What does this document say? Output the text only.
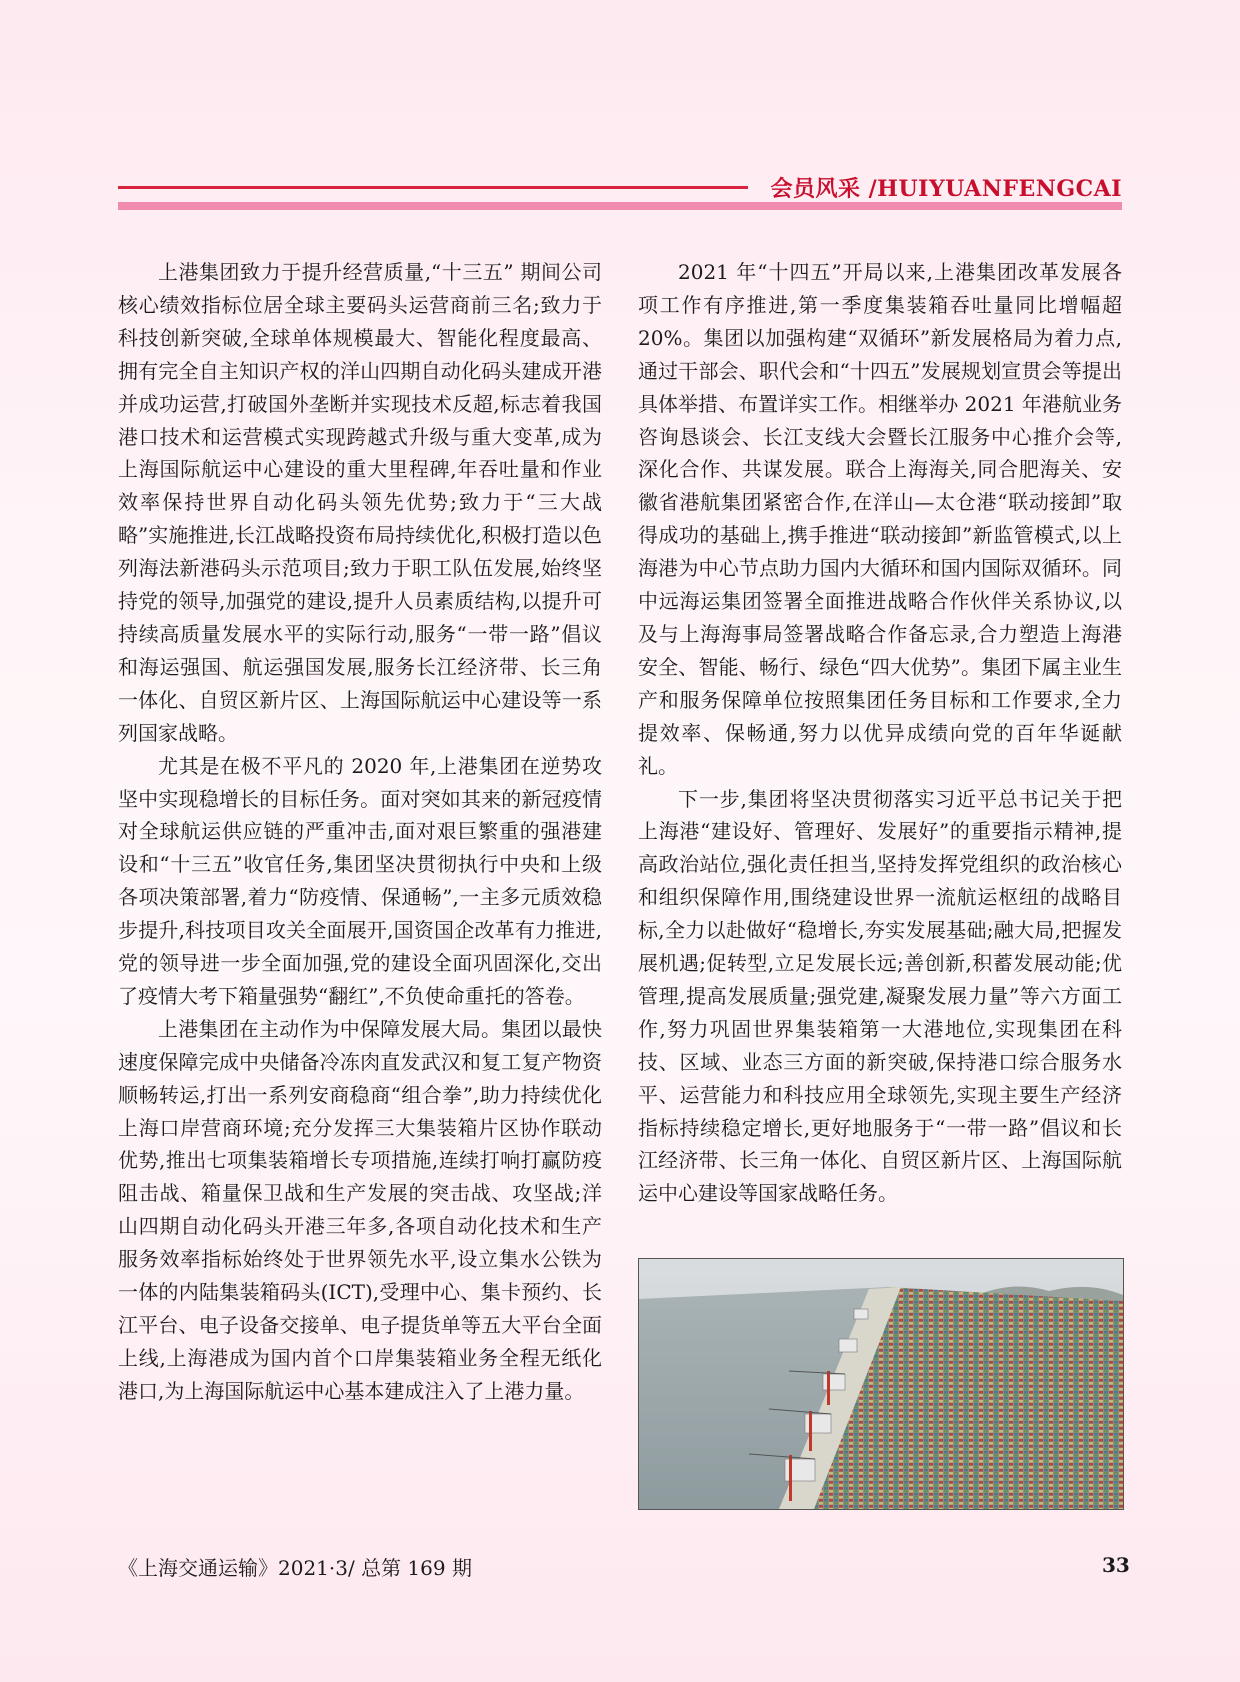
会员风采 /HUIYUANFENGCAI

上港集团致力于提升经营质量,“十三五” 期间公司核心绩效指标位居全球主要码头运营商前三名;致力于科技创新突破,全球单体规模最大、智能化程度最高、拥有完全自主知识产权的洋山四期自动化码头建成开港并成功运营,打破国外垄断并实现技术反超,标志着我国港口技术和运营模式实现跨越式升级与重大变革,成为上海国际航运中心建设的重大里程碑,年吞吐量和作业效率保持世界自动化码头领先优势;致力于“三大战略”实施推进,长江战略投资布局持续优化,积极打造以色列海法新港码头示范项目;致力于职工队伍发展,始终坚持党的领导,加强党的建设,提升人员素质结构,以提升可持续高质量发展水平的实际行动,服务“一带一路”倡议和海运强国、航运强国发展,服务长江经济带、长三角一体化、自贸区新片区、上海国际航运中心建设等一系列国家战略。

尤其是在极不平凡的 2020 年,上港集团在逆势攻坚中实现稳增长的目标任务。面对突如其来的新冠疫情对全球航运供应链的严重冲击,面对艰巨繁重的强港建设和“十三五”收官任务,集团坚决贯彻执行中央和上级各项决策部署,着力“防疫情、保通畅”,一主多元质效稳步提升,科技项目攻关全面展开,国资国企改革有力推进,党的领导进一步全面加强,党的建设全面巩固深化,交出了疫情大考下箱量强势“翻红”,不负使命重托的答卷。

上港集团在主动作为中保障发展大局。集团以最快速度保障完成中央储备冷冻肉直发武汉和复工复产物资顺畅转运,打出一系列安商稳商“组合拳”,助力持续优化上海口岸营商环境;充分发挥三大集装箱片区协作联动优势,推出七项集装箱增长专项措施,连续打响打赢防疫阻击战、箱量保卫战和生产发展的突击战、攻坚战;洋山四期自动化码头开港三年多,各项自动化技术和生产服务效率指标始终处于世界领先水平,设立集水公铁为一体的内陆集装箱码头(ICT),受理中心、集卡预约、长江平台、电子设备交接单、电子提货单等五大平台全面上线,上海港成为国内首个口岸集装箱业务全程无纸化港口,为上海国际航运中心基本建成注入了上港力量。

2021 年“十四五”开局以来,上港集团改革发展各项工作有序推进,第一季度集装箱吞吐量同比增幅超 20%。集团以加强构建“双循环”新发展格局为着力点,通过干部会、职代会和“十四五”发展规划宣贯会等提出具体举措、布置详实工作。相继举办 2021 年港航业务咨询恳谈会、长江支线大会暨长江服务中心推介会等,深化合作、共谋发展。联合上海海关,同合肥海关、安徽省港航集团紧密合作,在洋山—太仓港“联动接卸”取得成功的基础上,携手推进“联动接卸”新监管模式,以上海港为中心节点助力国内大循环和国内国际双循环。同中远海运集团签署全面推进战略合作伙伴关系协议,以及与上海海事局签署战略合作备忘录,合力塑造上海港安全、智能、畅行、绿色“四大优势”。集团下属主业生产和服务保障单位按照集团任务目标和工作要求,全力提效率、保畅通,努力以优异成绩向党的百年华诞献礼。

下一步,集团将坚决贯彻落实习近平总书记关于把上海港“建设好、管理好、发展好”的重要指示精神,提高政治站位,强化责任担当,坚持发挥党组织的政治核心和组织保障作用,围绕建设世界一流航运枢纽的战略目标,全力以赴做好“稳增长,夯实发展基础;融大局,把握发展机遇;促转型,立足发展长远;善创新,积蓄发展动能;优管理,提高发展质量;强党建,凝聚发展力量”等六方面工作,努力巩固世界集装箱第一大港地位,实现集团在科技、区域、业态三方面的新突破,保持港口综合服务水平、运营能力和科技应用全球领先,实现主要生产经济指标持续稳定增长,更好地服务于“一带一路”倡议和长江经济带、长三角一体化、自贸区新片区、上海国际航运中心建设等国家战略任务。

《上海交通运输》2021·3/ 总第 169 期	33
